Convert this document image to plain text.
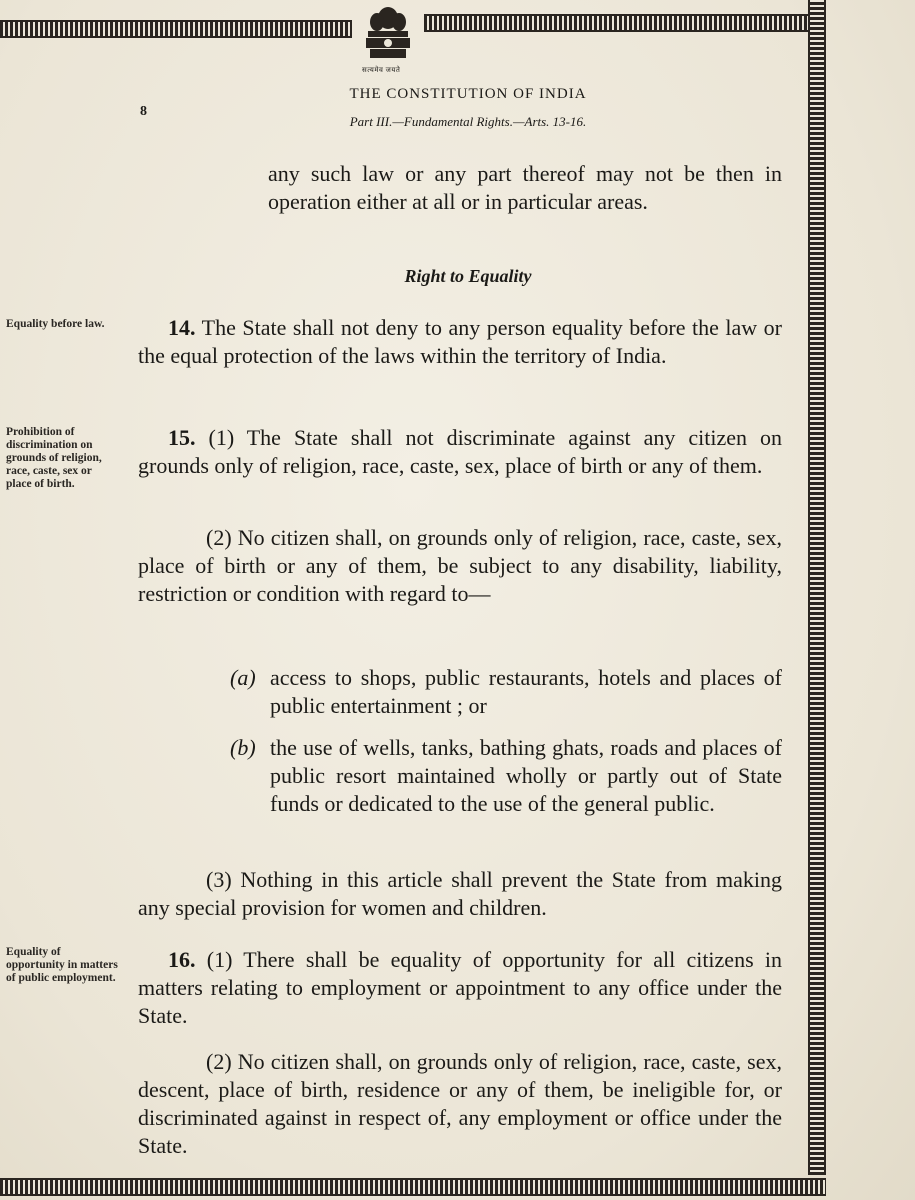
सत्यमेव जयते
8
THE CONSTITUTION OF INDIA
Part III.—Fundamental Rights.—Arts. 13-16.

any such law or any part thereof may not be then in operation either at all or in particular areas.
Right to Equality
Equality before law.	14. The State shall not deny to any person equality before the law or the equal protection of the laws within the territory of India.
Prohibition of discrimination on grounds of religion, race, caste, sex or place of birth.
15. (1) The State shall not discriminate against any citizen on grounds only of religion, race, caste, sex, place of birth or any of them.
(2) No citizen shall, on grounds only of religion, race, caste, sex, place of birth or any of them, be subject to any disability, liability, restriction or condition with regard to—
(a) access to shops, public restaurants, hotels and places of public entertainment ; or
(b) the use of wells, tanks, bathing ghats, roads and places of public resort maintained wholly or partly out of State funds or dedicated to the use of the general public.
(3) Nothing in this article shall prevent the State from making any special provision for women and children.
Equality of opportunity in matters of public employment.
16. (1) There shall be equality of opportunity for all citizens in matters relating to employment or appointment to any office under the State.
(2) No citizen shall, on grounds only of religion, race, caste, sex, descent, place of birth, residence or any of them, be ineligible for, or discriminated against in respect of, any employment or office under the State.
